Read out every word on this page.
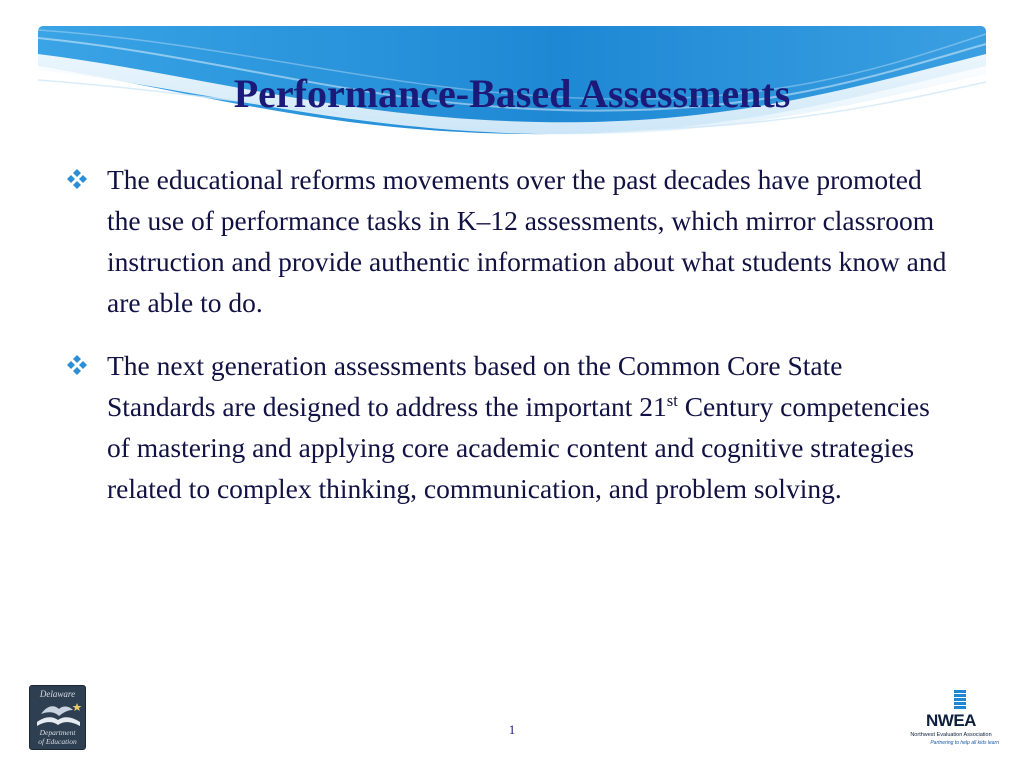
Performance-Based Assessments
The educational reforms movements over the past decades have promoted the use of performance tasks in K–12 assessments, which mirror classroom instruction and provide authentic information about what students know and are able to do.
The next generation assessments based on the Common Core State Standards are designed to address the important 21st Century competencies of mastering and applying core academic content and cognitive strategies related to complex thinking, communication, and problem solving.
Delaware
Department
of Education
1	NWEA
Northwest Evaluation Association
Partnering to help all kids learn
